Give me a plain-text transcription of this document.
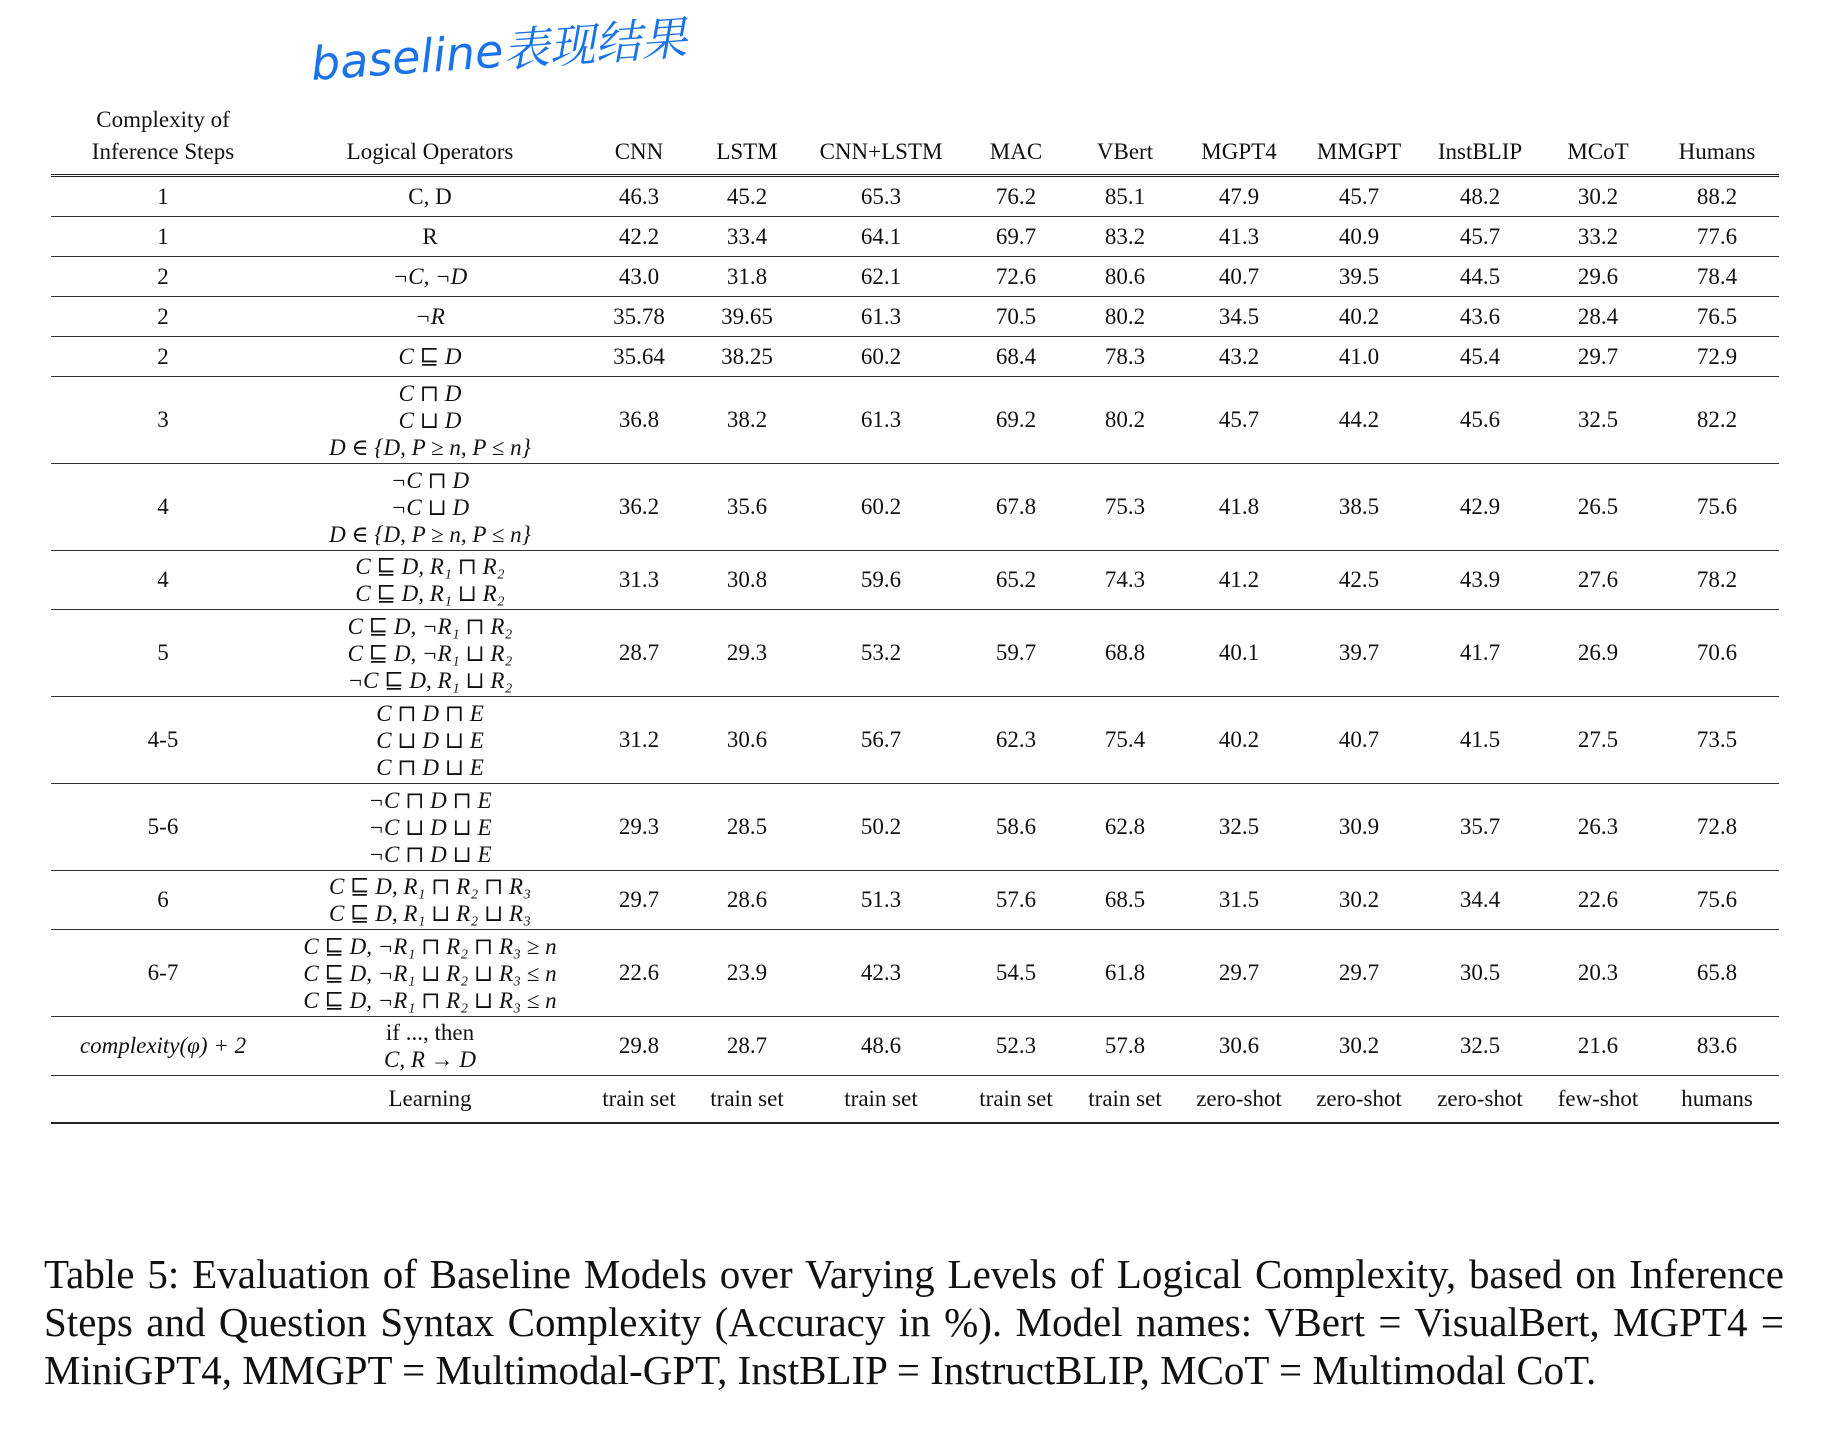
baseline表现结果
Complexity of
Inference Steps	Logical Operators	CNN	LSTM	CNN+LSTM	MAC	VBert	MGPT4	MMGPT	InstBLIP	MCoT	Humans
1	C, D	46.3	45.2	65.3	76.2	85.1	47.9	45.7	48.2	30.2	88.2
1	R	42.2	33.4	64.1	69.7	83.2	41.3	40.9	45.7	33.2	77.6
2	¬C, ¬D	43.0	31.8	62.1	72.6	80.6	40.7	39.5	44.5	29.6	78.4
2	¬R	35.78	39.65	61.3	70.5	80.2	34.5	40.2	43.6	28.4	76.5
2	C ⊑ D	35.64	38.25	60.2	68.4	78.3	43.2	41.0	45.4	29.7	72.9
3	C ⊓ D
C ⊔ D
D ∈ {D, P ≥ n, P ≤ n}	36.8	38.2	61.3	69.2	80.2	45.7	44.2	45.6	32.5	82.2
4	¬C ⊓ D
¬C ⊔ D
D ∈ {D, P ≥ n, P ≤ n}	36.2	35.6	60.2	67.8	75.3	41.8	38.5	42.9	26.5	75.6
4	C ⊑ D, R₁ ⊓ R₂
C ⊑ D, R₁ ⊔ R₂	31.3	30.8	59.6	65.2	74.3	41.2	42.5	43.9	27.6	78.2
5	C ⊑ D, ¬R₁ ⊓ R₂
C ⊑ D, ¬R₁ ⊔ R₂
¬C ⊑ D, R₁ ⊔ R₂	28.7	29.3	53.2	59.7	68.8	40.1	39.7	41.7	26.9	70.6
4-5	C ⊓ D ⊓ E
C ⊔ D ⊔ E
C ⊓ D ⊔ E	31.2	30.6	56.7	62.3	75.4	40.2	40.7	41.5	27.5	73.5
5-6	¬C ⊓ D ⊓ E
¬C ⊔ D ⊔ E
¬C ⊓ D ⊔ E	29.3	28.5	50.2	58.6	62.8	32.5	30.9	35.7	26.3	72.8
6	C ⊑ D, R₁ ⊓ R₂ ⊓ R₃
C ⊑ D, R₁ ⊔ R₂ ⊔ R₃	29.7	28.6	51.3	57.6	68.5	31.5	30.2	34.4	22.6	75.6
6-7	C ⊑ D, ¬R₁ ⊓ R₂ ⊓ R₃ ≥ n
C ⊑ D, ¬R₁ ⊔ R₂ ⊔ R₃ ≤ n
C ⊑ D, ¬R₁ ⊓ R₂ ⊔ R₃ ≤ n	22.6	23.9	42.3	54.5	61.8	29.7	29.7	30.5	20.3	65.8
complexity(φ) + 2	if ..., then
C, R → D	29.8	28.7	48.6	52.3	57.8	30.6	30.2	32.5	21.6	83.6
	Learning	train set	train set	train set	train set	train set	zero-shot	zero-shot	zero-shot	few-shot	humans
Table 5: Evaluation of Baseline Models over Varying Levels of Logical Complexity, based on Inference Steps and Question Syntax Complexity (Accuracy in %). Model names: VBert = VisualBert, MGPT4 = MiniGPT4, MMGPT = Multimodal-GPT, InstBLIP = InstructBLIP, MCoT = Multimodal CoT.
